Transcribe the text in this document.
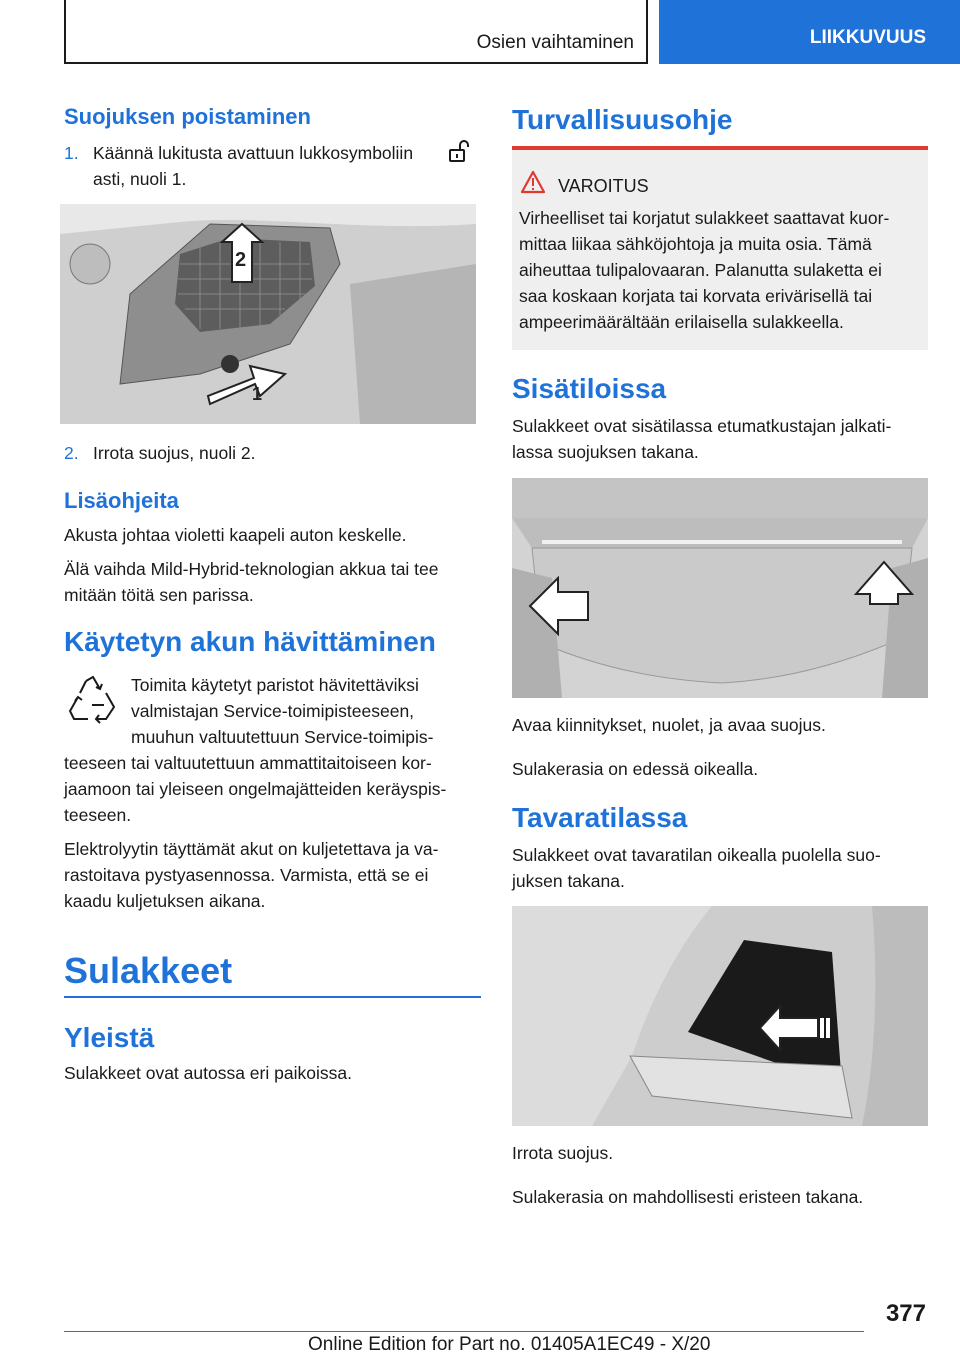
Osien vaihtaminen	LIIKKUVUUS
Suojuksen poistaminen
1. Käännä lukitusta avattuun lukkosymboliin
asti, nuoli 1.
2
1
2. Irrota suojus, nuoli 2.
Lisäohjeita
Akusta johtaa violetti kaapeli auton keskelle.
Älä vaihda Mild-Hybrid-teknologian akkua tai tee
mitään töitä sen parissa.
Käytetyn akun hävittäminen
Toimita käytetyt paristot hävitettäviksi
valmistajan Service-toimipisteeseen,
muuhun valtuutettuun Service-toimipis-
teeseen tai valtuutettuun ammattitaitoiseen kor-
jaamoon tai yleiseen ongelmajätteiden keräyspis-
teeseen.
Elektrolyytin täyttämät akut on kuljetettava ja va-
rastoitava pystyasennossa. Varmista, että se ei
kaadu kuljetuksen aikana.
Sulakkeet
Yleistä
Sulakkeet ovat autossa eri paikoissa.
Turvallisuusohje
VAROITUS
Virheelliset tai korjatut sulakkeet saattavat kuor-
mittaa liikaa sähköjohtoja ja muita osia. Tämä
aiheuttaa tulipalovaaran. Palanutta sulaketta ei
saa koskaan korjata tai korvata erivärisellä tai
ampeerimäärältään erilaisella sulakkeella.
Sisätiloissa
Sulakkeet ovat sisätilassa etumatkustajan jalkati-
lassa suojuksen takana.
Avaa kiinnitykset, nuolet, ja avaa suojus.
Sulakerasia on edessä oikealla.
Tavaratilassa
Sulakkeet ovat tavaratilan oikealla puolella suo-
juksen takana.
Irrota suojus.
Sulakerasia on mahdollisesti eristeen takana.
377
Online Edition for Part no. 01405A1EC49 - X/20
